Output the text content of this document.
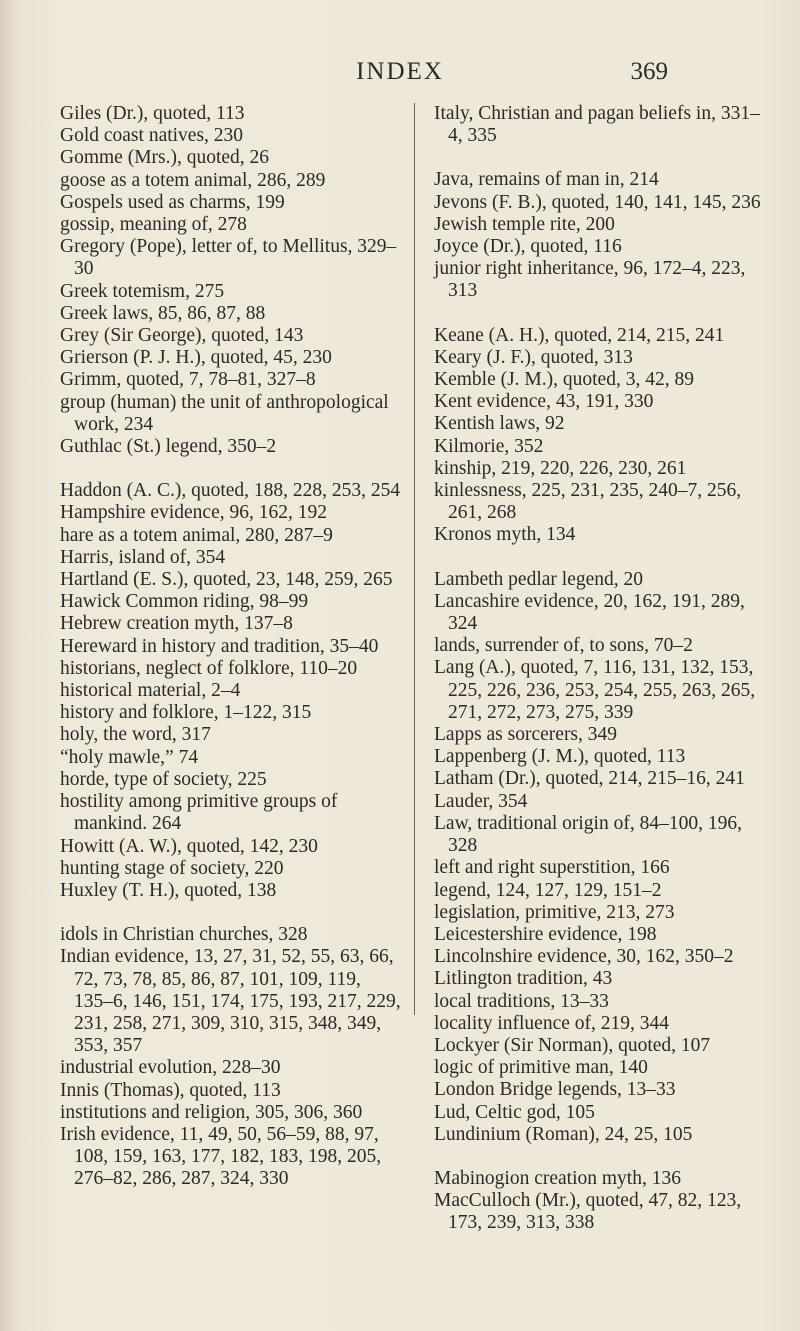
INDEX	369
Giles (Dr.), quoted, 113
Gold coast natives, 230
Gomme (Mrs.), quoted, 26
goose as a totem animal, 286, 289
Gospels used as charms, 199
gossip, meaning of, 278
Gregory (Pope), letter of, to Mellitus, 329–30
Greek totemism, 275
Greek laws, 85, 86, 87, 88
Grey (Sir George), quoted, 143
Grierson (P. J. H.), quoted, 45, 230
Grimm, quoted, 7, 78–81, 327–8
group (human) the unit of anthropological work, 234
Guthlac (St.) legend, 350–2
Haddon (A. C.), quoted, 188, 228, 253, 254
Hampshire evidence, 96, 162, 192
hare as a totem animal, 280, 287–9
Harris, island of, 354
Hartland (E. S.), quoted, 23, 148, 259, 265
Hawick Common riding, 98–99
Hebrew creation myth, 137–8
Hereward in history and tradition, 35–40
historians, neglect of folklore, 110–20
historical material, 2–4
history and folklore, 1–122, 315
holy, the word, 317
“holy mawle,” 74
horde, type of society, 225
hostility among primitive groups of mankind. 264
Howitt (A. W.), quoted, 142, 230
hunting stage of society, 220
Huxley (T. H.), quoted, 138
idols in Christian churches, 328
Indian evidence, 13, 27, 31, 52, 55, 63, 66, 72, 73, 78, 85, 86, 87, 101, 109, 119, 135–6, 146, 151, 174, 175, 193, 217, 229, 231, 258, 271, 309, 310, 315, 348, 349, 353, 357
industrial evolution, 228–30
Innis (Thomas), quoted, 113
institutions and religion, 305, 306, 360
Irish evidence, 11, 49, 50, 56–59, 88, 97, 108, 159, 163, 177, 182, 183, 198, 205, 276–82, 286, 287, 324, 330
Italy, Christian and pagan beliefs in, 331–4, 335
Java, remains of man in, 214
Jevons (F. B.), quoted, 140, 141, 145, 236
Jewish temple rite, 200
Joyce (Dr.), quoted, 116
junior right inheritance, 96, 172–4, 223, 313
Keane (A. H.), quoted, 214, 215, 241
Keary (J. F.), quoted, 313
Kemble (J. M.), quoted, 3, 42, 89
Kent evidence, 43, 191, 330
Kentish laws, 92
Kilmorie, 352
kinship, 219, 220, 226, 230, 261
kinlessness, 225, 231, 235, 240–7, 256, 261, 268
Kronos myth, 134
Lambeth pedlar legend, 20
Lancashire evidence, 20, 162, 191, 289, 324
lands, surrender of, to sons, 70–2
Lang (A.), quoted, 7, 116, 131, 132, 153, 225, 226, 236, 253, 254, 255, 263, 265, 271, 272, 273, 275, 339
Lapps as sorcerers, 349
Lappenberg (J. M.), quoted, 113
Latham (Dr.), quoted, 214, 215–16, 241
Lauder, 354
Law, traditional origin of, 84–100, 196, 328
left and right superstition, 166
legend, 124, 127, 129, 151–2
legislation, primitive, 213, 273
Leicestershire evidence, 198
Lincolnshire evidence, 30, 162, 350–2
Litlington tradition, 43
local traditions, 13–33
locality influence of, 219, 344
Lockyer (Sir Norman), quoted, 107
logic of primitive man, 140
London Bridge legends, 13–33
Lud, Celtic god, 105
Lundinium (Roman), 24, 25, 105
Mabinogion creation myth, 136
MacCulloch (Mr.), quoted, 47, 82, 123, 173, 239, 313, 338
